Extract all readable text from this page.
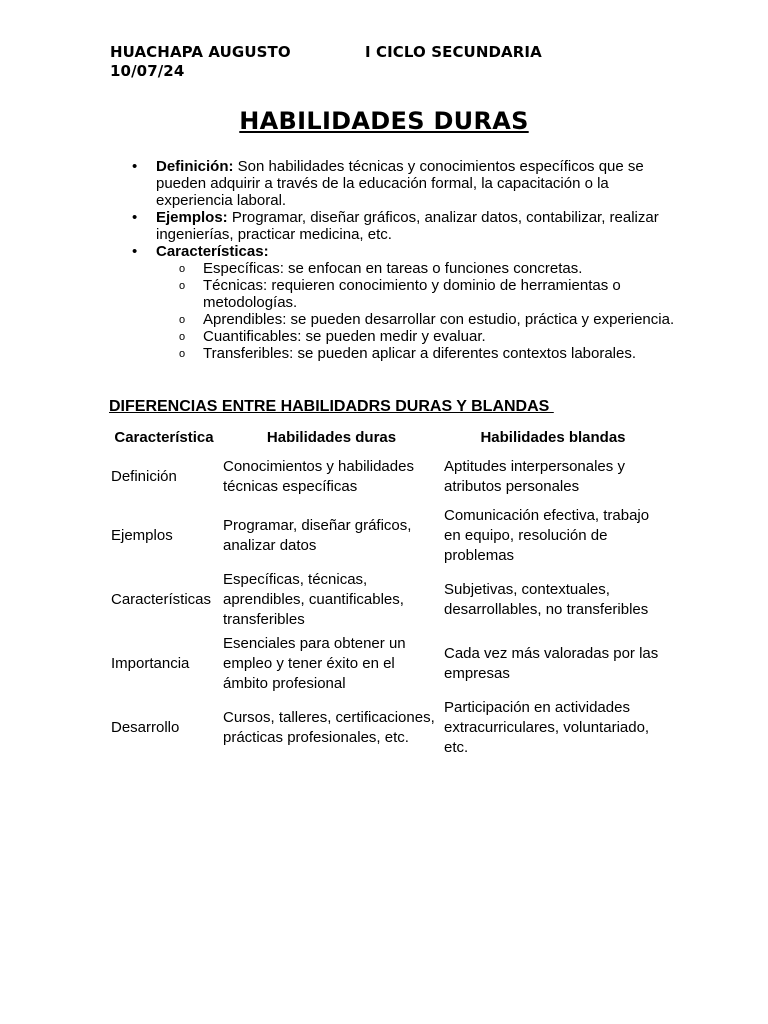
HUACHAPA AUGUSTO	I CICLO SECUNDARIA
10/07/24
HABILIDADES DURAS
• Definición: Son habilidades técnicas y conocimientos específicos que se pueden adquirir a través de la educación formal, la capacitación o la experiencia laboral.
• Ejemplos: Programar, diseñar gráficos, analizar datos, contabilizar, realizar ingenierías, practicar medicina, etc.
• Características:
o Específicas: se enfocan en tareas o funciones concretas.
o Técnicas: requieren conocimiento y dominio de herramientas o metodologías.
o Aprendibles: se pueden desarrollar con estudio, práctica y experiencia.
o Cuantificables: se pueden medir y evaluar.
o Transferibles: se pueden aplicar a diferentes contextos laborales.
DIFERENCIAS ENTRE HABILIDADRS DURAS Y BLANDAS
Característica	Habilidades duras	Habilidades blandas
Definición	Conocimientos y habilidades técnicas específicas	Aptitudes interpersonales y atributos personales
Ejemplos	Programar, diseñar gráficos, analizar datos	Comunicación efectiva, trabajo en equipo, resolución de problemas
Características	Específicas, técnicas, aprendibles, cuantificables, transferibles	Subjetivas, contextuales, desarrollables, no transferibles
Importancia	Esenciales para obtener un empleo y tener éxito en el ámbito profesional	Cada vez más valoradas por las empresas
Desarrollo	Cursos, talleres, certificaciones, prácticas profesionales, etc.	Participación en actividades extracurriculares, voluntariado, etc.
